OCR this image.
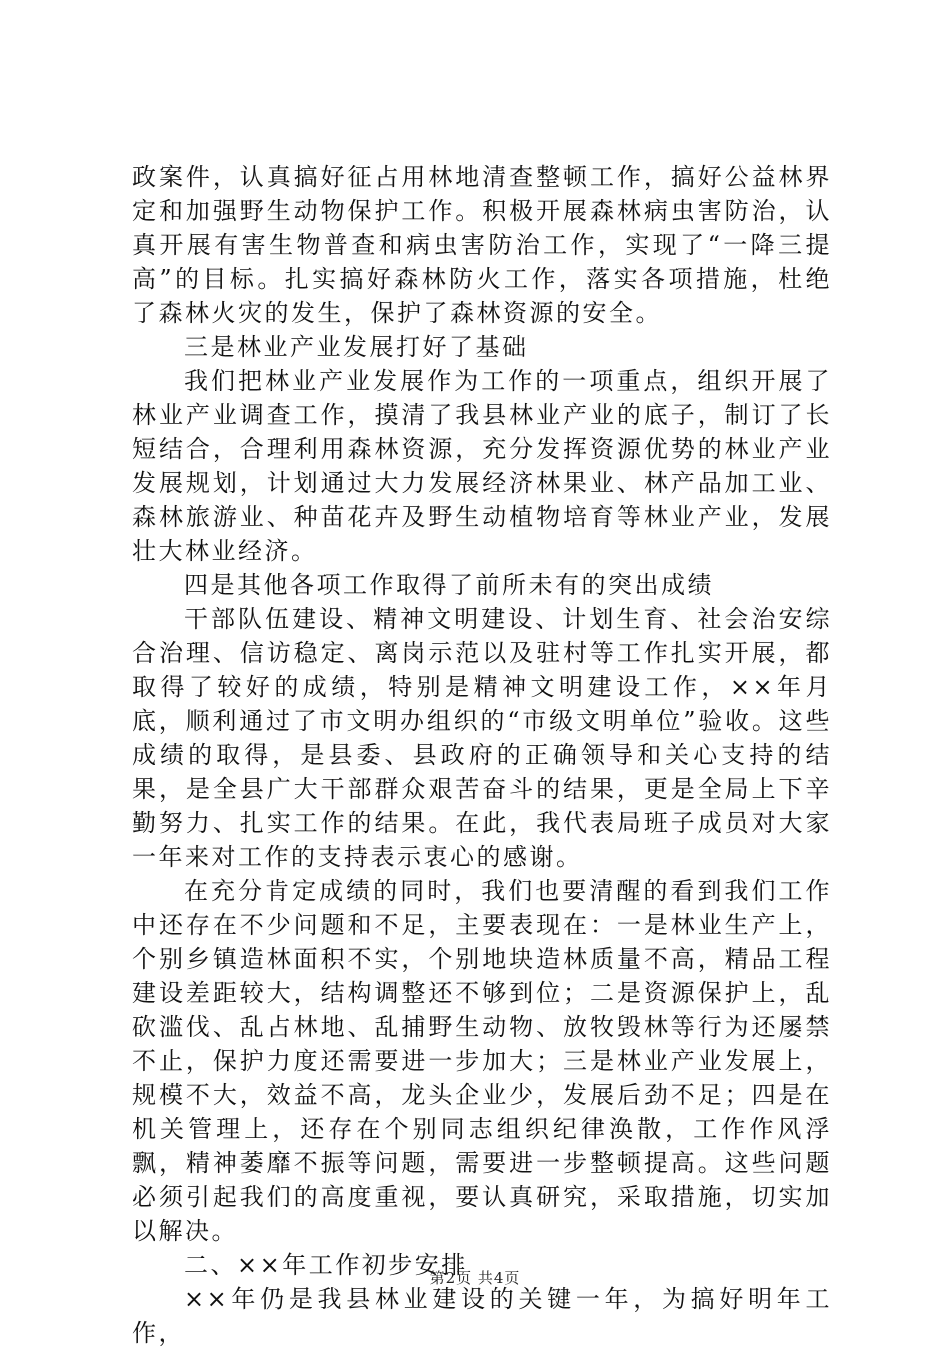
政案件，认真搞好征占用林地清查整顿工作，搞好公益林界定和加强野生动物保护工作。积极开展森林病虫害防治，认真开展有害生物普查和病虫害防治工作，实现了“一降三提高”的目标。扎实搞好森林防火工作，落实各项措施，杜绝了森林火灾的发生，保护了森林资源的安全。

三是林业产业发展打好了基础

我们把林业产业发展作为工作的一项重点，组织开展了林业产业调查工作，摸清了我县林业产业的底子，制订了长短结合，合理利用森林资源，充分发挥资源优势的林业产业发展规划，计划通过大力发展经济林果业、林产品加工业、森林旅游业、种苗花卉及野生动植物培育等林业产业，发展壮大林业经济。

四是其他各项工作取得了前所未有的突出成绩

干部队伍建设、精神文明建设、计划生育、社会治安综合治理、信访稳定、离岗示范以及驻村等工作扎实开展，都取得了较好的成绩，特别是精神文明建设工作，××年月底，顺利通过了市文明办组织的“市级文明单位”验收。这些成绩的取得，是县委、县政府的正确领导和关心支持的结果，是全县广大干部群众艰苦奋斗的结果，更是全局上下辛勤努力、扎实工作的结果。在此，我代表局班子成员对大家一年来对工作的支持表示衷心的感谢。

在充分肯定成绩的同时，我们也要清醒的看到我们工作中还存在不少问题和不足，主要表现在：一是林业生产上，个别乡镇造林面积不实，个别地块造林质量不高，精品工程建设差距较大，结构调整还不够到位；二是资源保护上，乱砍滥伐、乱占林地、乱捕野生动物、放牧毁林等行为还屡禁不止，保护力度还需要进一步加大；三是林业产业发展上，规模不大，效益不高，龙头企业少，发展后劲不足；四是在机关管理上，还存在个别同志组织纪律涣散，工作作风浮飘，精神萎靡不振等问题，需要进一步整顿提高。这些问题必须引起我们的高度重视，要认真研究，采取措施，切实加以解决。

二、××年工作初步安排

××年仍是我县林业建设的关键一年，为搞好明年工作，

第2页 共4页
